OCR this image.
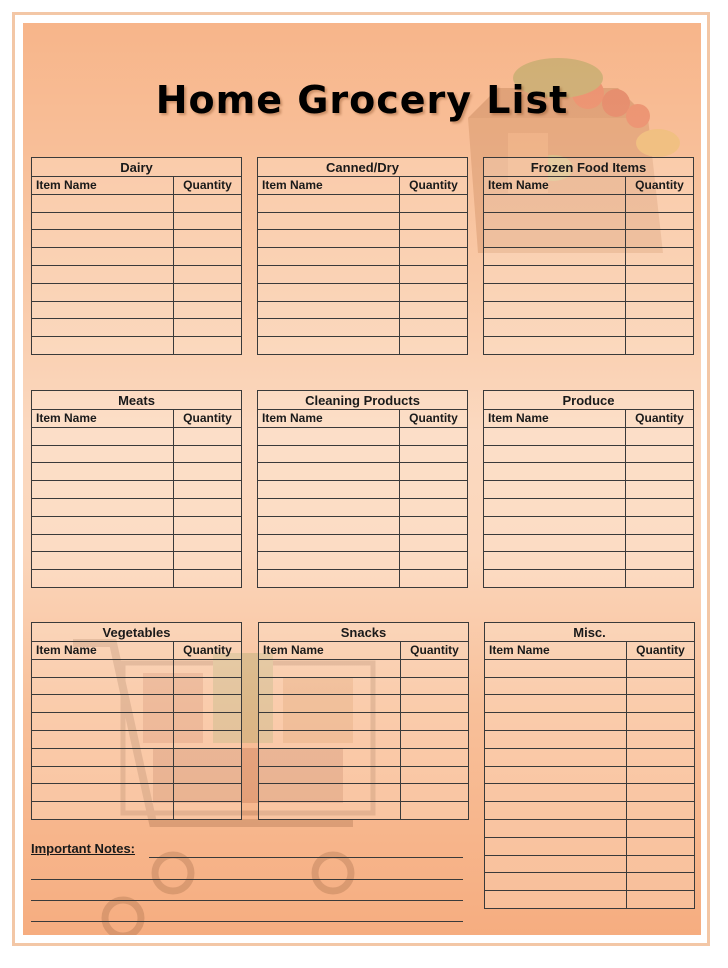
Home Grocery List
Dairy	
Item Name	Quantity

Canned/Dry	
Item Name	Quantity

Frozen Food Items	
Item Name	Quantity

Meats	
Item Name	Quantity

Cleaning Products	
Item Name	Quantity

Produce	
Item Name	Quantity

Vegetables	
Item Name	Quantity

Snacks	
Item Name	Quantity

Misc.	
Item Name	Quantity

Important Notes:
